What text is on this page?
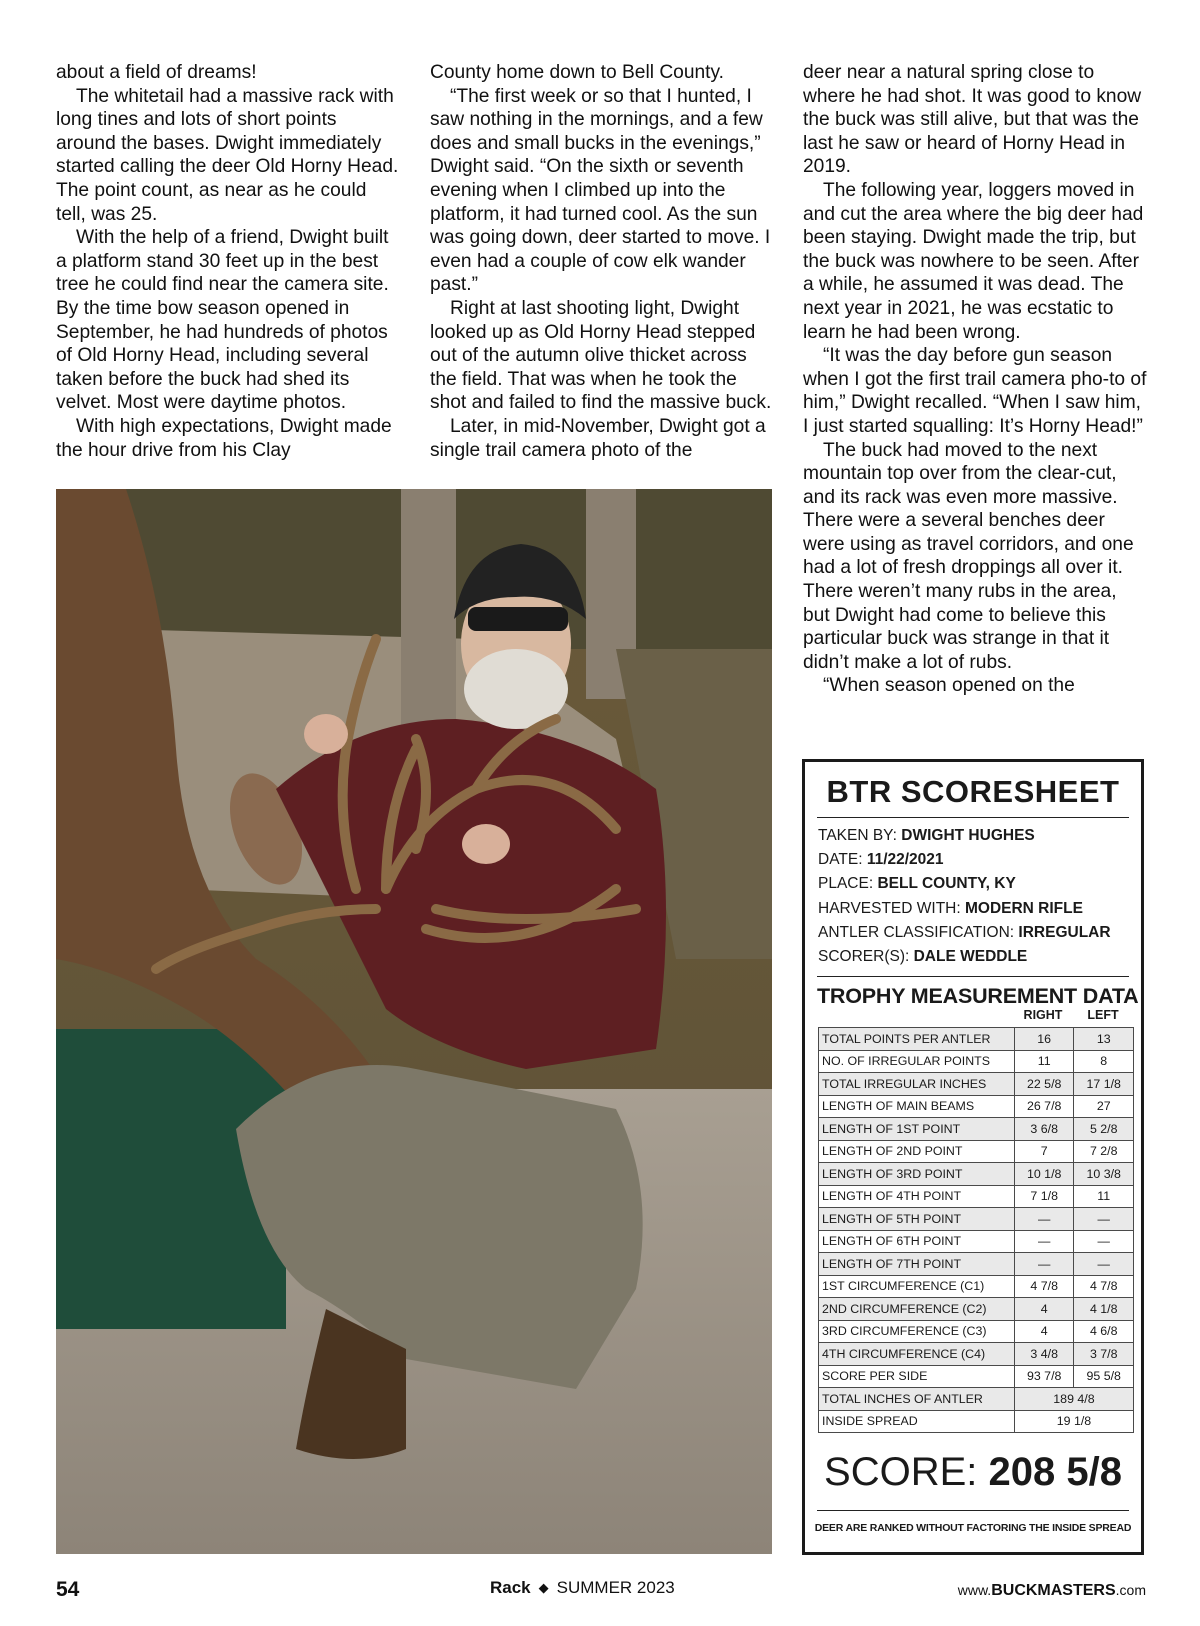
about a field of dreams!

The whitetail had a massive rack with long tines and lots of short points around the bases. Dwight immediately started calling the deer Old Horny Head. The point count, as near as he could tell, was 25.

With the help of a friend, Dwight built a platform stand 30 feet up in the best tree he could find near the camera site. By the time bow season opened in September, he had hundreds of photos of Old Horny Head, including several taken before the buck had shed its velvet. Most were daytime photos.

With high expectations, Dwight made the hour drive from his Clay

County home down to Bell County.

“The first week or so that I hunted, I saw nothing in the mornings, and a few does and small bucks in the evenings,” Dwight said. “On the sixth or seventh evening when I climbed up into the platform, it had turned cool. As the sun was going down, deer started to move. I even had a couple of cow elk wander past.”

Right at last shooting light, Dwight looked up as Old Horny Head stepped out of the autumn olive thicket across the field. That was when he took the shot and failed to find the massive buck.

Later, in mid-November, Dwight got a single trail camera photo of the

deer near a natural spring close to where he had shot. It was good to know the buck was still alive, but that was the last he saw or heard of Horny Head in 2019.

The following year, loggers moved in and cut the area where the big deer had been staying. Dwight made the trip, but the buck was nowhere to be seen. After a while, he assumed it was dead. The next year in 2021, he was ecstatic to learn he had been wrong.

“It was the day before gun season when I got the first trail camera pho-to of him,” Dwight recalled. “When I saw him, I just started squalling: It’s Horny Head!”

The buck had moved to the next mountain top over from the clear-cut, and its rack was even more massive. There were a several benches deer were using as travel corridors, and one had a lot of fresh droppings all over it. There weren’t many rubs in the area, but Dwight had come to believe this particular buck was strange in that it didn’t make a lot of rubs.

“When season opened on the

BTR SCORESHEET
TAKEN BY: DWIGHT HUGHES
DATE: 11/22/2021
PLACE: BELL COUNTY, KY
HARVESTED WITH: MODERN RIFLE
ANTLER CLASSIFICATION: IRREGULAR
SCORER(S): DALE WEDDLE
TROPHY MEASUREMENT DATA
RIGHT	LEFT
TOTAL POINTS PER ANTLER	16	13
NO. OF IRREGULAR POINTS	11	8
TOTAL IRREGULAR INCHES	22 5/8	17 1/8
LENGTH OF MAIN BEAMS	26 7/8	27
LENGTH OF 1ST POINT	3 6/8	5 2/8
LENGTH OF 2ND POINT	7	7 2/8
LENGTH OF 3RD POINT	10 1/8	10 3/8
LENGTH OF 4TH POINT	7 1/8	11
LENGTH OF 5TH POINT	—	—
LENGTH OF 6TH POINT	—	—
LENGTH OF 7TH POINT	—	—
1ST CIRCUMFERENCE (C1)	4 7/8	4 7/8
2ND CIRCUMFERENCE (C2)	4	4 1/8
3RD CIRCUMFERENCE (C3)	4	4 6/8
4TH CIRCUMFERENCE (C4)	3 4/8	3 7/8
SCORE PER SIDE	93 7/8	95 5/8
TOTAL INCHES OF ANTLER	189 4/8	
INSIDE SPREAD	19 1/8	
SCORE: 208 5/8
DEER ARE RANKED WITHOUT FACTORING THE INSIDE SPREAD
54	Rack ◆ SUMMER 2023	www.BUCKMASTERS.com
